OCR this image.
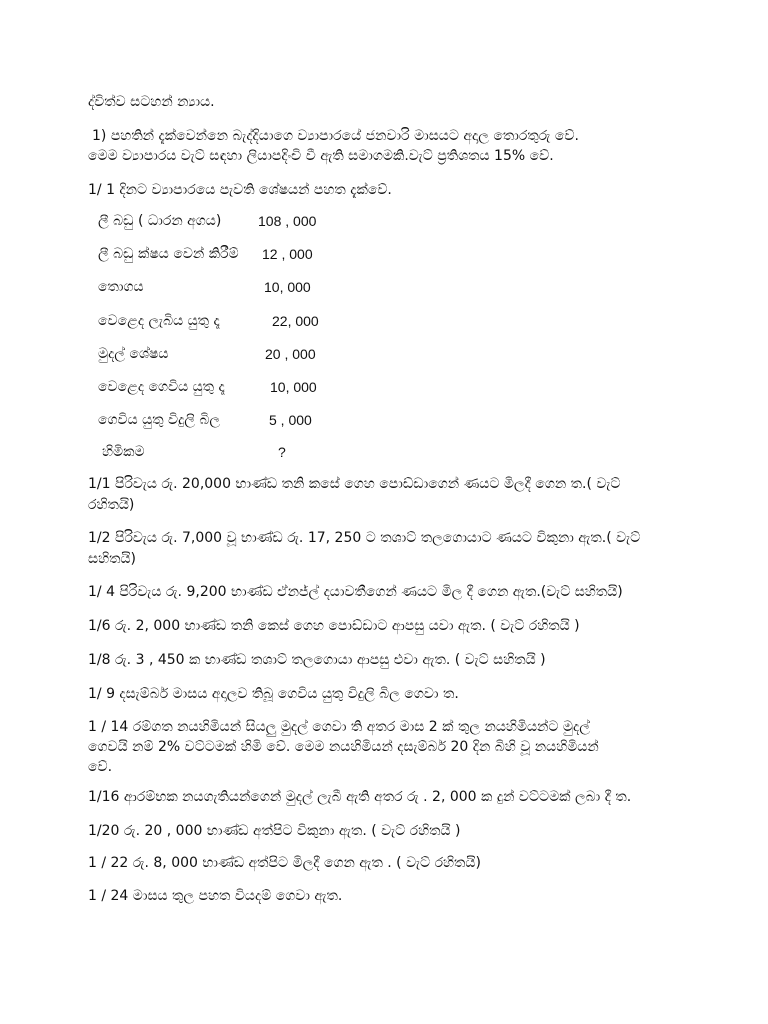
ද්විත්ව සටහන් න්‍යාය.
1) පහතින් දැක්වෙන්නෙ බැද්දියාගෙ ව්‍යාපාරයේ ජනවාරි මාසයට අදාල තොරතුරු වේ.
මෙම ව්‍යාපාරය වැට් සඳහා ලියාපදිංචි වී ඇති සමාගමකි.වැට් ප්‍රතිශතය 15% වේ.
1/ 1 දිනට ව්‍යාපාරයෙ පැවති ශේෂයන් පහත දැක්වේ.
ලී බඩු ( ධාරන අගය)	108 , 000
ලී බඩු ක්ෂය වෙන් කිරීම් 12 , 000
තොගය	10, 000
වෙළෙද ලැබිය යුතු දෑ	22, 000
මුදල් ශේෂය	20 , 000
වෙළෙද ගෙවිය යුතු දෑ	10, 000
ගෙවිය යුතු විදුලි බිල	5 , 000
හිමිකම	?
1/1 පිරිවැය රු. 20,000 භාණ්ඩ තනි කසේ ගෙහ පොඩ්ඩාගෙන් ණයට මිලදී ගෙන ත.( වැට්
රහිතයි)
1/2 පිරිවැය රු. 7,000 වූ භාණ්ඩ රු. 17, 250 ට තශාට් තලගොයාට ණයට විකුනා ඇත.( වැට්
සහිතයි)
1/ 4 පිරිවැය රු. 9,200 භාණ්ඩ ඒනජ්ල් දයාවතීගෙන් ණයට මිල දී ගෙන ඇත.(වැට් සහිතයි)
1/6 රු. 2, 000 භාණ්ඩ තනි කෙස් ගෙහ පොඩ්ඩාට ආපසු යවා ඇත. ( වැට් රහිතයි )
1/8 රු. 3 , 450 ක භාණ්ඩ තශාට් තලගොයා ආපසු එවා ඇත. ( වැට් සහිතයි )
1/ 9 දසැම්බර් මාසය අදාලව තිබූ ගෙවිය යුතු විදුලි බිල ගෙවා ත.
1 / 14 රම්ගත නයහිමියන් සියලු මුදල් ගෙවා ති අතර මාස 2 ක් තුල නයහිමියන්ට මුදල්
ගෙවයි නම් 2% වට්ටමක් හිමි වේ. මෙම නයහිමියන් දසැම්බර් 20 දින බිහි වූ නයහිමියන්
වේ.
1/16 ආරම්භක නයගැතියන්ගෙන් මුදල් ලැබී ඇති අතර රු . 2, 000 ක දුන් වට්ටමක් ලබා දී ත.
1/20 රු. 20 , 000 භාණ්ඩ අත්පිට විකුනා ඇත. ( වැට් රහිතයි )
1 / 22 රු. 8, 000 භාණ්ඩ අත්පිට මිලදී ගෙන ඇත . ( වැට් රහිතයි)
1 / 24 මාසය තුල පහත වියදම් ගෙවා ඇත.
